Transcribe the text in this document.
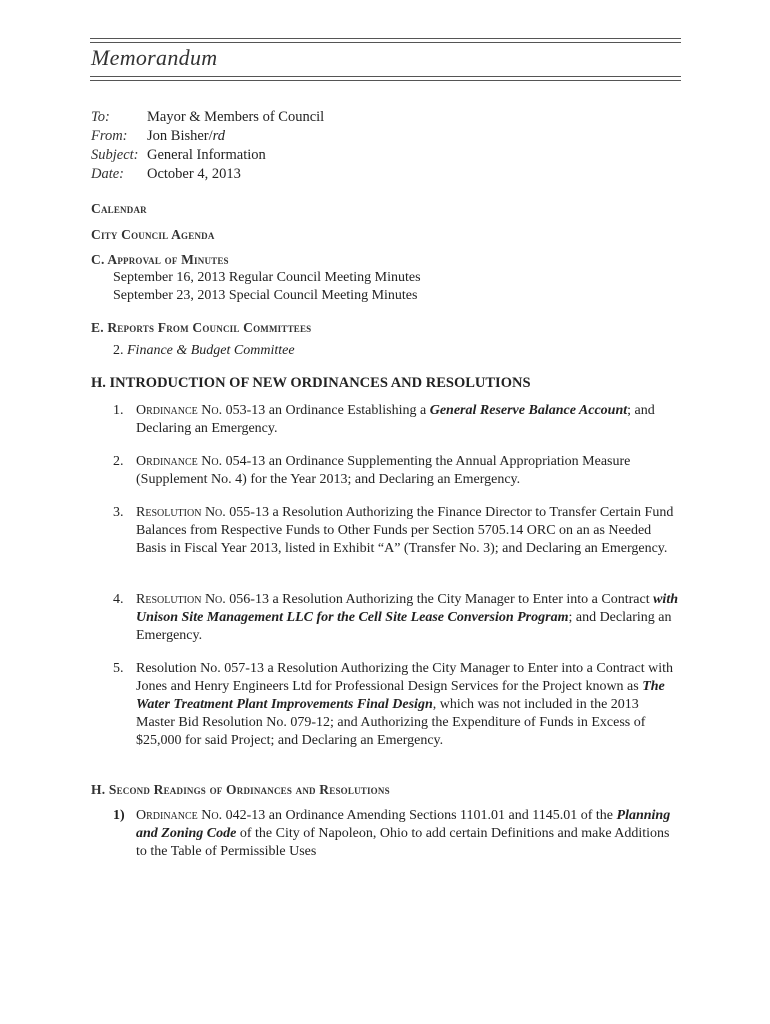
Memorandum
To:	Mayor & Members of Council
From: Jon Bisher/rd
Subject: General Information
Date: October 4, 2013
Calendar
City Council Agenda
C. Approval of Minutes
September 16, 2013 Regular Council Meeting Minutes
September 23, 2013 Special Council Meeting Minutes
E. Reports From Council Committees
2. Finance & Budget Committee
H. INTRODUCTION OF NEW ORDINANCES AND RESOLUTIONS
1. Ordinance No. 053-13 an Ordinance Establishing a General Reserve Balance Account; and Declaring an Emergency.
2. Ordinance No. 054-13 an Ordinance Supplementing the Annual Appropriation Measure (Supplement No. 4) for the Year 2013; and Declaring an Emergency.
3. Resolution No. 055-13 a Resolution Authorizing the Finance Director to Transfer Certain Fund Balances from Respective Funds to Other Funds per Section 5705.14 ORC on an as Needed Basis in Fiscal Year 2013, listed in Exhibit “A” (Transfer No. 3); and Declaring an Emergency.
4. Resolution No. 056-13 a Resolution Authorizing the City Manager to Enter into a Contract with Unison Site Management LLC for the Cell Site Lease Conversion Program; and Declaring an Emergency.
5. Resolution No. 057-13 a Resolution Authorizing the City Manager to Enter into a Contract with Jones and Henry Engineers Ltd for Professional Design Services for the Project known as The Water Treatment Plant Improvements Final Design, which was not included in the 2013 Master Bid Resolution No. 079-12; and Authorizing the Expenditure of Funds in Excess of $25,000 for said Project; and Declaring an Emergency.
H. Second Readings of Ordinances and Resolutions
1) Ordinance No. 042-13 an Ordinance Amending Sections 1101.01 and 1145.01 of the Planning and Zoning Code of the City of Napoleon, Ohio to add certain Definitions and make Additions to the Table of Permissible Uses
